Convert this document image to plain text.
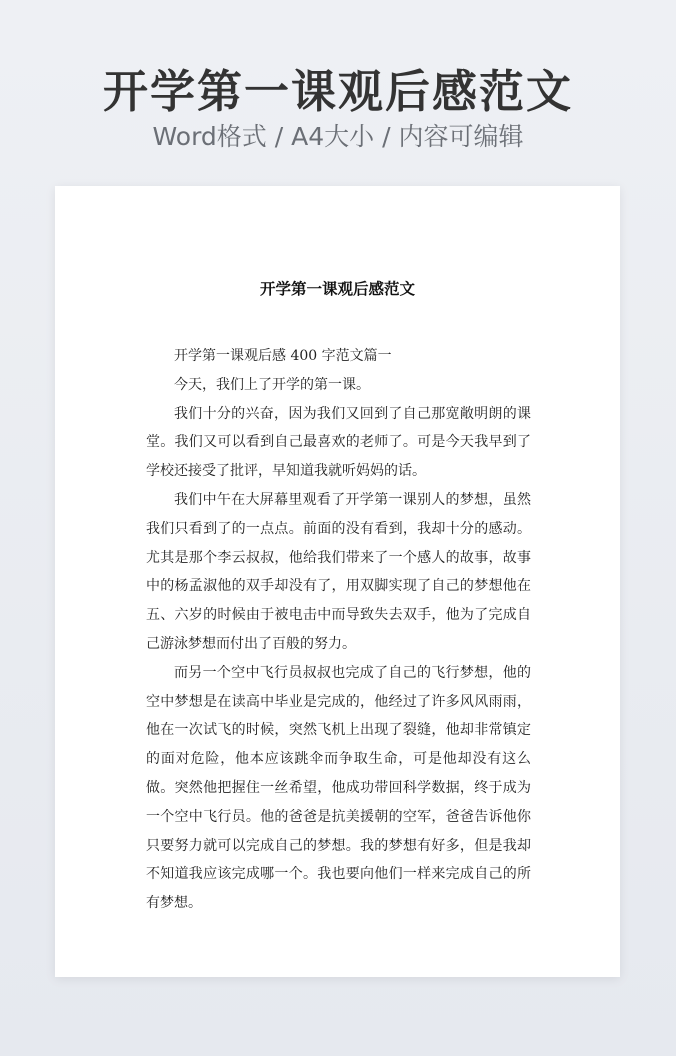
开学第一课观后感范文
Word格式 / A4大小 / 内容可编辑
开学第一课观后感范文

开学第一课观后感 400 字范文篇一

今天，我们上了开学的第一课。

我们十分的兴奋，因为我们又回到了自己那宽敞明朗的课堂。我们又可以看到自己最喜欢的老师了。可是今天我早到了学校还接受了批评，早知道我就听妈妈的话。

我们中午在大屏幕里观看了开学第一课别人的梦想，虽然我们只看到了的一点点。前面的没有看到，我却十分的感动。尤其是那个李云叔叔，他给我们带来了一个感人的故事，故事中的杨孟淑他的双手却没有了，用双脚实现了自己的梦想他在五、六岁的时候由于被电击中而导致失去双手，他为了完成自己游泳梦想而付出了百般的努力。

而另一个空中飞行员叔叔也完成了自己的飞行梦想，他的空中梦想是在读高中毕业是完成的，他经过了许多风风雨雨，他在一次试飞的时候，突然飞机上出现了裂缝，他却非常镇定的面对危险，他本应该跳伞而争取生命，可是他却没有这么做。突然他把握住一丝希望，他成功带回科学数据，终于成为一个空中飞行员。他的爸爸是抗美援朝的空军，爸爸告诉他你只要努力就可以完成自己的梦想。我的梦想有好多，但是我却不知道我应该完成哪一个。我也要向他们一样来完成自己的所有梦想。
